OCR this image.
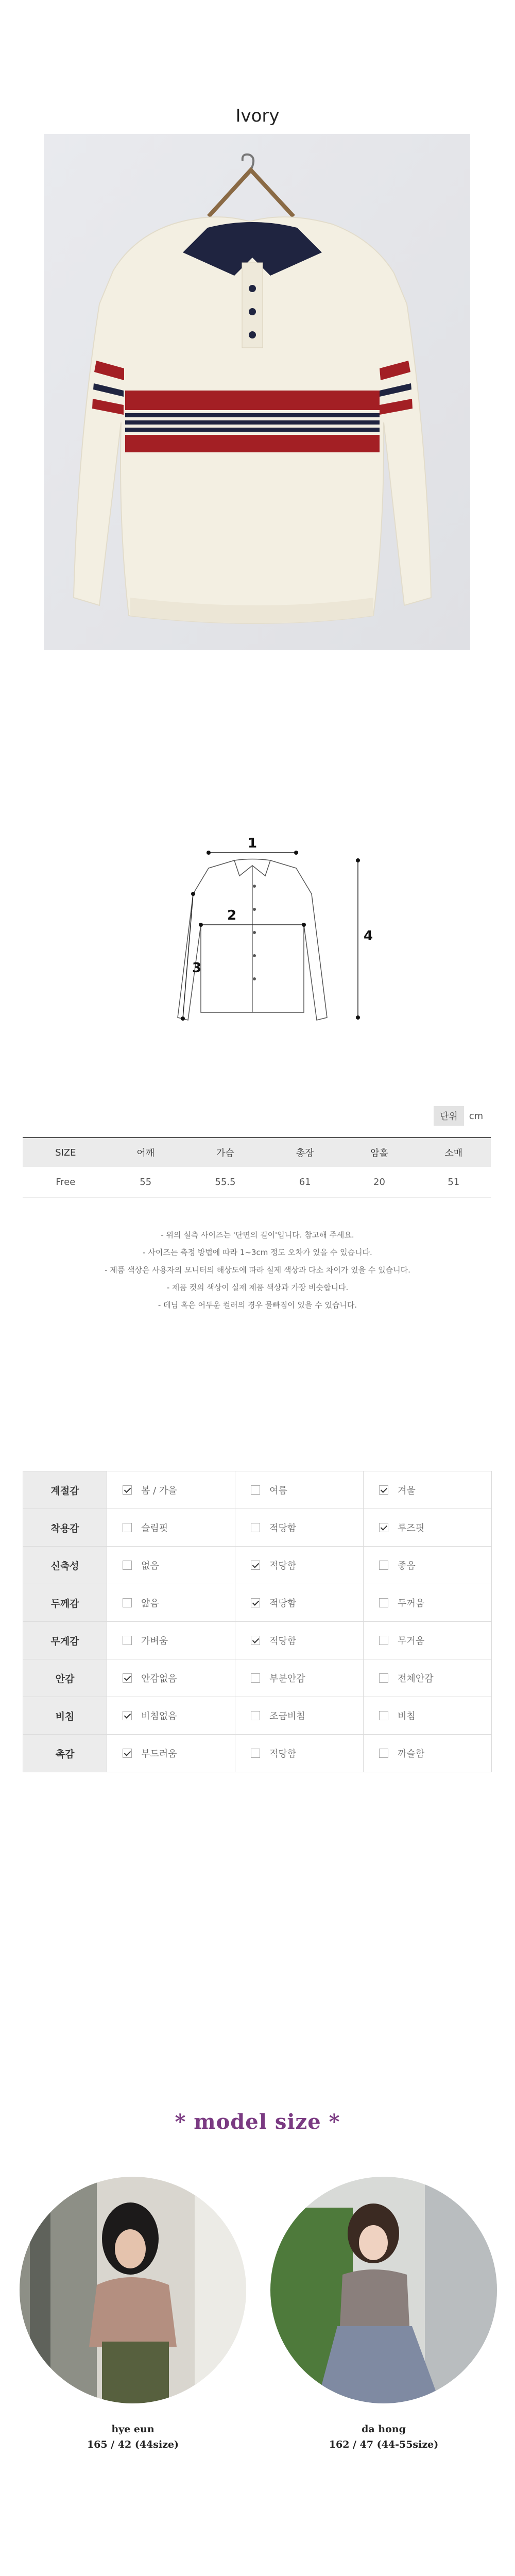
Ivory
1
2
3
4
단위	cm
SIZE	어깨	가슴	총장	암홀	소매
Free	55	55.5	61	20	51
- 위의 실측 사이즈는 '단면의 길이'입니다. 참고해 주세요.
- 사이즈는 측정 방법에 따라 1~3cm 정도 오차가 있을 수 있습니다.
- 제품 색상은 사용자의 모니터의 해상도에 따라 실제 색상과 다소 차이가 있을 수 있습니다.
- 제품 컷의 색상이 실제 제품 색상과 가장 비슷합니다.
- 데님 혹은 어두운 컬러의 경우 물빠짐이 있을 수 있습니다.
계절감	봄 / 가을	여름	겨울
착용감	슬림핏	적당함	루즈핏
신축성	없음	적당함	좋음
두께감	얇음	적당함	두꺼움
무게감	가벼움	적당함	무거움
안감	안감없음	부분안감	전체안감
비침	비침없음	조금비침	비침
촉감	부드러움	적당함	까슬함
* model size *
hye eun
165 / 42 (44size)
da hong
162 / 47 (44-55size)
